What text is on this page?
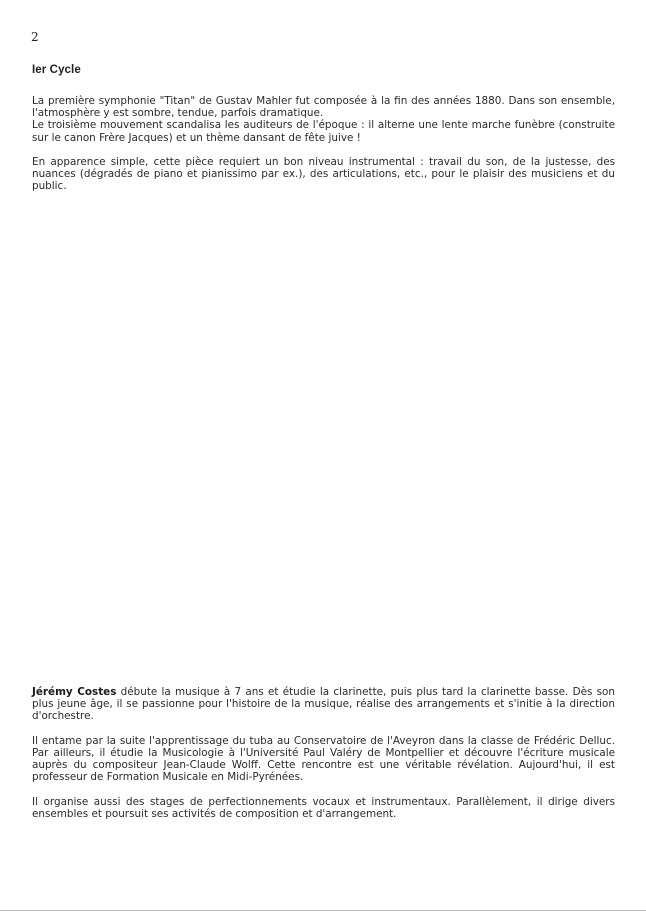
2
Ier Cycle

La première symphonie "Titan" de Gustav Mahler fut composée à la fin des années 1880. Dans son ensemble, l'atmosphère y est sombre, tendue, parfois dramatique.

Le troisième mouvement scandalisa les auditeurs de l'époque : il alterne une lente marche funèbre (construite sur le canon Frère Jacques) et un thème dansant de fête juive !

En apparence simple, cette pièce requiert un bon niveau instrumental : travail du son, de la justesse, des nuances (dégradés de piano et pianissimo par ex.), des articulations, etc., pour le plaisir des musiciens et du public.

Jérémy Costes débute la musique à 7 ans et étudie la clarinette, puis plus tard la clarinette basse. Dès son plus jeune âge, il se passionne pour l'histoire de la musique, réalise des arrangements et s'initie à la direction d'orchestre.

Il entame par la suite l'apprentissage du tuba au Conservatoire de l'Aveyron dans la classe de Frédéric Delluc. Par ailleurs, il étudie la Musicologie à l'Université Paul Valéry de Montpellier et découvre l'écriture musicale auprès du compositeur Jean-Claude Wolff. Cette rencontre est une véritable révélation. Aujourd'hui, il est professeur de Formation Musicale en Midi-Pyrénées.

Il organise aussi des stages de perfectionnements vocaux et instrumentaux. Parallèlement, il dirige divers ensembles et poursuit ses activités de composition et d'arrangement.
